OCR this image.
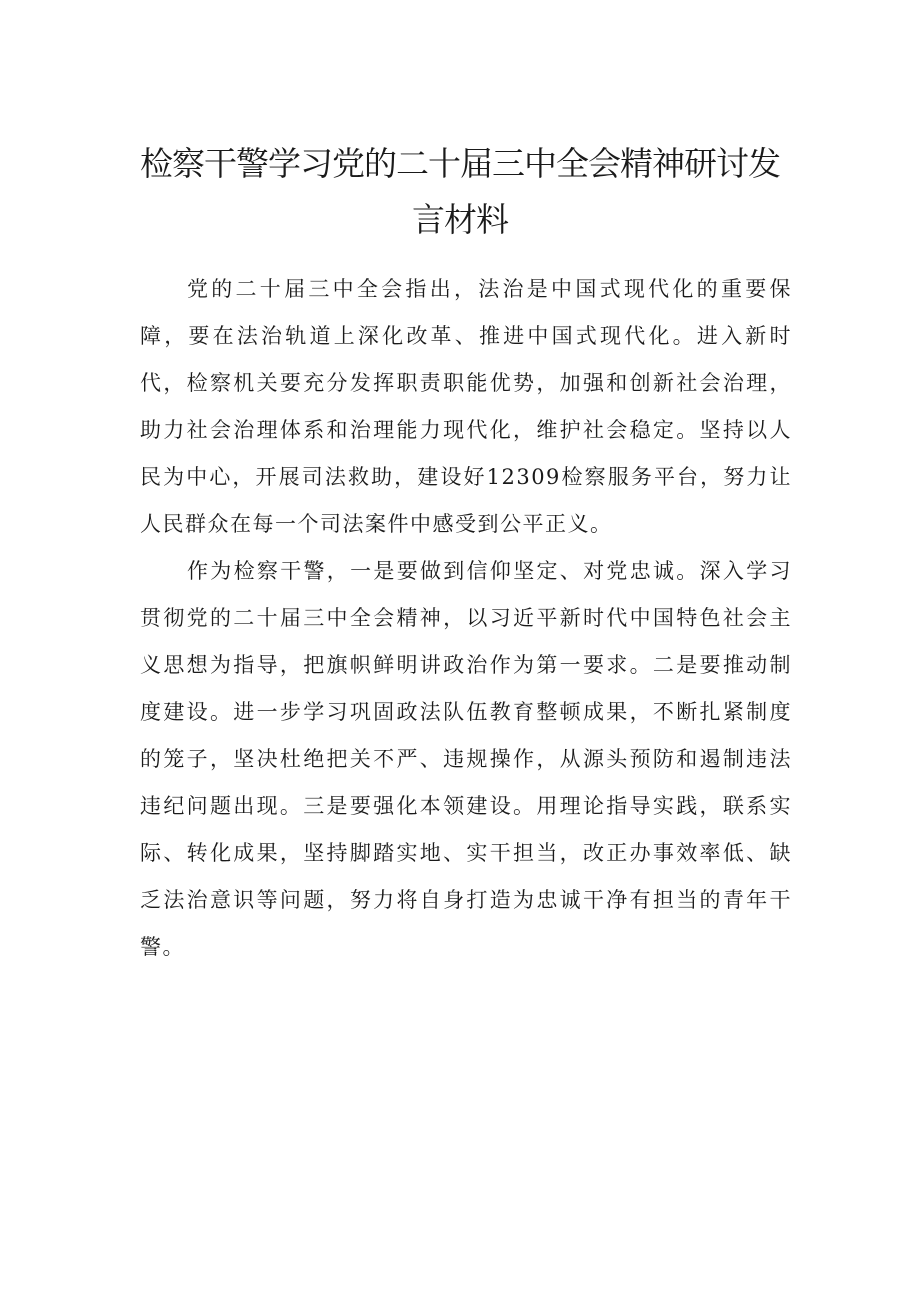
检察干警学习党的二十届三中全会精神研讨发
言材料

党的二十届三中全会指出，法治是中国式现代化的重要保障，要在法治轨道上深化改革、推进中国式现代化。进入新时代，检察机关要充分发挥职责职能优势，加强和创新社会治理，助力社会治理体系和治理能力现代化，维护社会稳定。坚持以人民为中心，开展司法救助，建设好12309检察服务平台，努力让人民群众在每一个司法案件中感受到公平正义。

作为检察干警，一是要做到信仰坚定、对党忠诚。深入学习贯彻党的二十届三中全会精神，以习近平新时代中国特色社会主义思想为指导，把旗帜鲜明讲政治作为第一要求。二是要推动制度建设。进一步学习巩固政法队伍教育整顿成果，不断扎紧制度的笼子，坚决杜绝把关不严、违规操作，从源头预防和遏制违法违纪问题出现。三是要强化本领建设。用理论指导实践，联系实际、转化成果，坚持脚踏实地、实干担当，改正办事效率低、缺乏法治意识等问题，努力将自身打造为忠诚干净有担当的青年干警。
